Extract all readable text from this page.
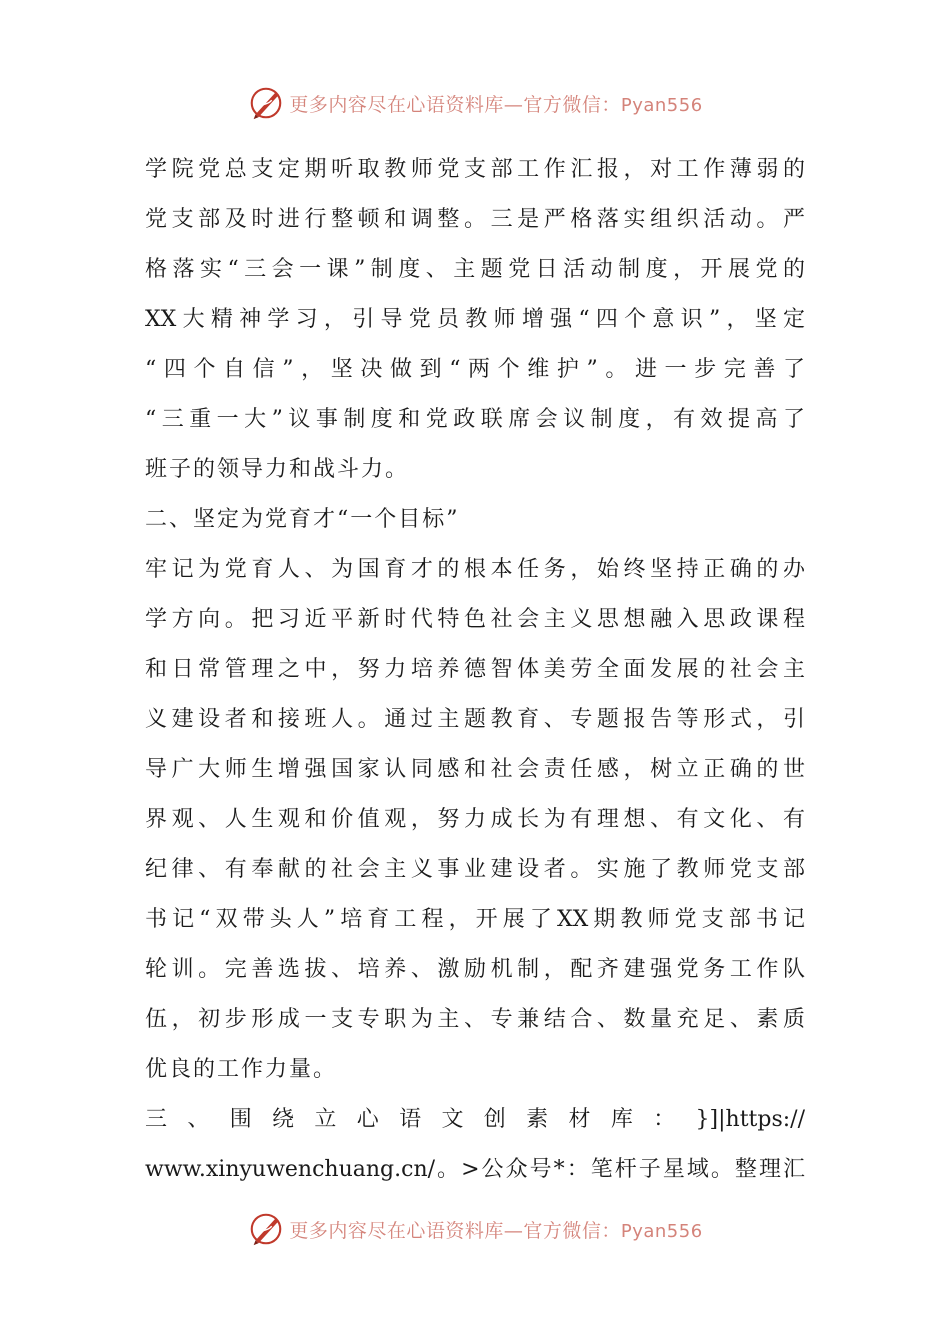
更多内容尽在心语资料库—官方微信：Pyan556
学院党总支定期听取教师党支部工作汇报，对工作薄弱的
党支部及时进行整顿和调整。三是严格落实组织活动。严
格落实“三会一课”制度、主题党日活动制度，开展党的
XX大精神学习，引导党员教师增强“四个意识”，坚定
“四个自信”，坚决做到“两个维护”。进一步完善了
“三重一大”议事制度和党政联席会议制度，有效提高了
班子的领导力和战斗力。
二、坚定为党育才“一个目标”
牢记为党育人、为国育才的根本任务，始终坚持正确的办
学方向。把习近平新时代特色社会主义思想融入思政课程
和日常管理之中，努力培养德智体美劳全面发展的社会主
义建设者和接班人。通过主题教育、专题报告等形式，引
导广大师生增强国家认同感和社会责任感，树立正确的世
界观、人生观和价值观，努力成长为有理想、有文化、有
纪律、有奉献的社会主义事业建设者。实施了教师党支部
书记“双带头人”培育工程，开展了XX期教师党支部书记
轮训。完善选拔、培养、激励机制，配齐建强党务工作队
伍，初步形成一支专职为主、专兼结合、数量充足、素质
优良的工作力量。
三 、 围 绕 立 心 语 文 创 素 材 库 ： }]|https://
www.xinyuwenchuang.cn/。>公众号*：笔杆子星域。整理汇
更多内容尽在心语资料库—官方微信：Pyan556
